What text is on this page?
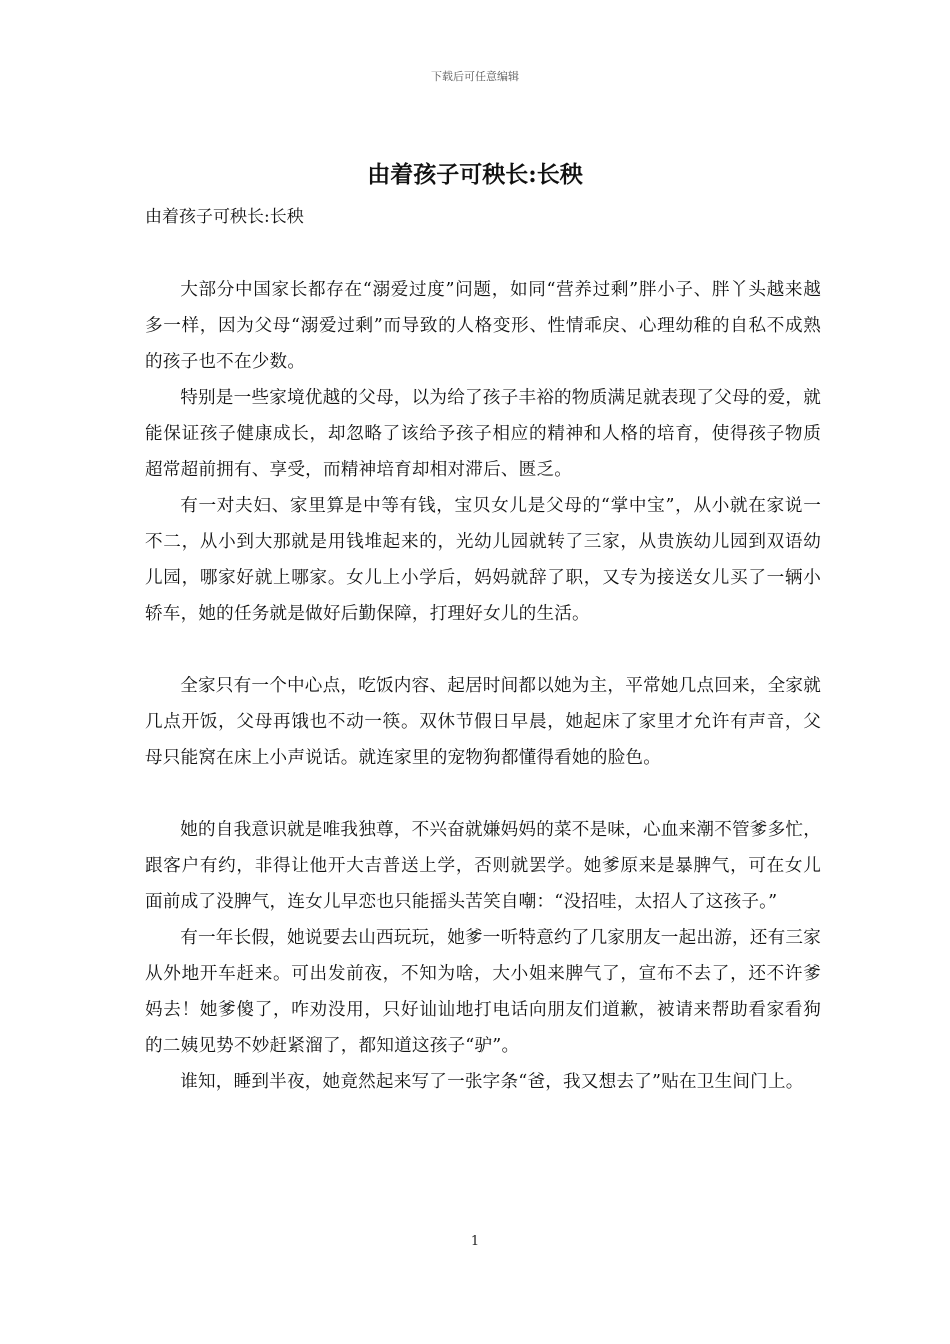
下载后可任意编辑
由着孩子可秧长:长秧

由着孩子可秧长:长秧

大部分中国家长都存在“溺爱过度”问题，如同“营养过剩”胖小子、胖丫头越来越多一样，因为父母“溺爱过剩”而导致的人格变形、性情乖戾、心理幼稚的自私不成熟的孩子也不在少数。

特别是一些家境优越的父母，以为给了孩子丰裕的物质满足就表现了父母的爱，就能保证孩子健康成长，却忽略了该给予孩子相应的精神和人格的培育，使得孩子物质超常超前拥有、享受，而精神培育却相对滞后、匮乏。

有一对夫妇、家里算是中等有钱，宝贝女儿是父母的“掌中宝”，从小就在家说一不二，从小到大那就是用钱堆起来的，光幼儿园就转了三家，从贵族幼儿园到双语幼儿园，哪家好就上哪家。女儿上小学后，妈妈就辞了职，又专为接送女儿买了一辆小轿车，她的任务就是做好后勤保障，打理好女儿的生活。

全家只有一个中心点，吃饭内容、起居时间都以她为主，平常她几点回来，全家就几点开饭，父母再饿也不动一筷。双休节假日早晨，她起床了家里才允许有声音，父母只能窝在床上小声说话。就连家里的宠物狗都懂得看她的脸色。

她的自我意识就是唯我独尊，不兴奋就嫌妈妈的菜不是味，心血来潮不管爹多忙，跟客户有约，非得让他开大吉普送上学，否则就罢学。她爹原来是暴脾气，可在女儿面前成了没脾气，连女儿早恋也只能摇头苦笑自嘲：“没招哇，太招人了这孩子。”

有一年长假，她说要去山西玩玩，她爹一听特意约了几家朋友一起出游，还有三家从外地开车赶来。可出发前夜，不知为啥，大小姐来脾气了，宣布不去了，还不许爹妈去！她爹傻了，咋劝没用，只好讪讪地打电话向朋友们道歉，被请来帮助看家看狗的二姨见势不妙赶紧溜了，都知道这孩子“驴”。

谁知，睡到半夜，她竟然起来写了一张字条“爸，我又想去了”贴在卫生间门上。

1
